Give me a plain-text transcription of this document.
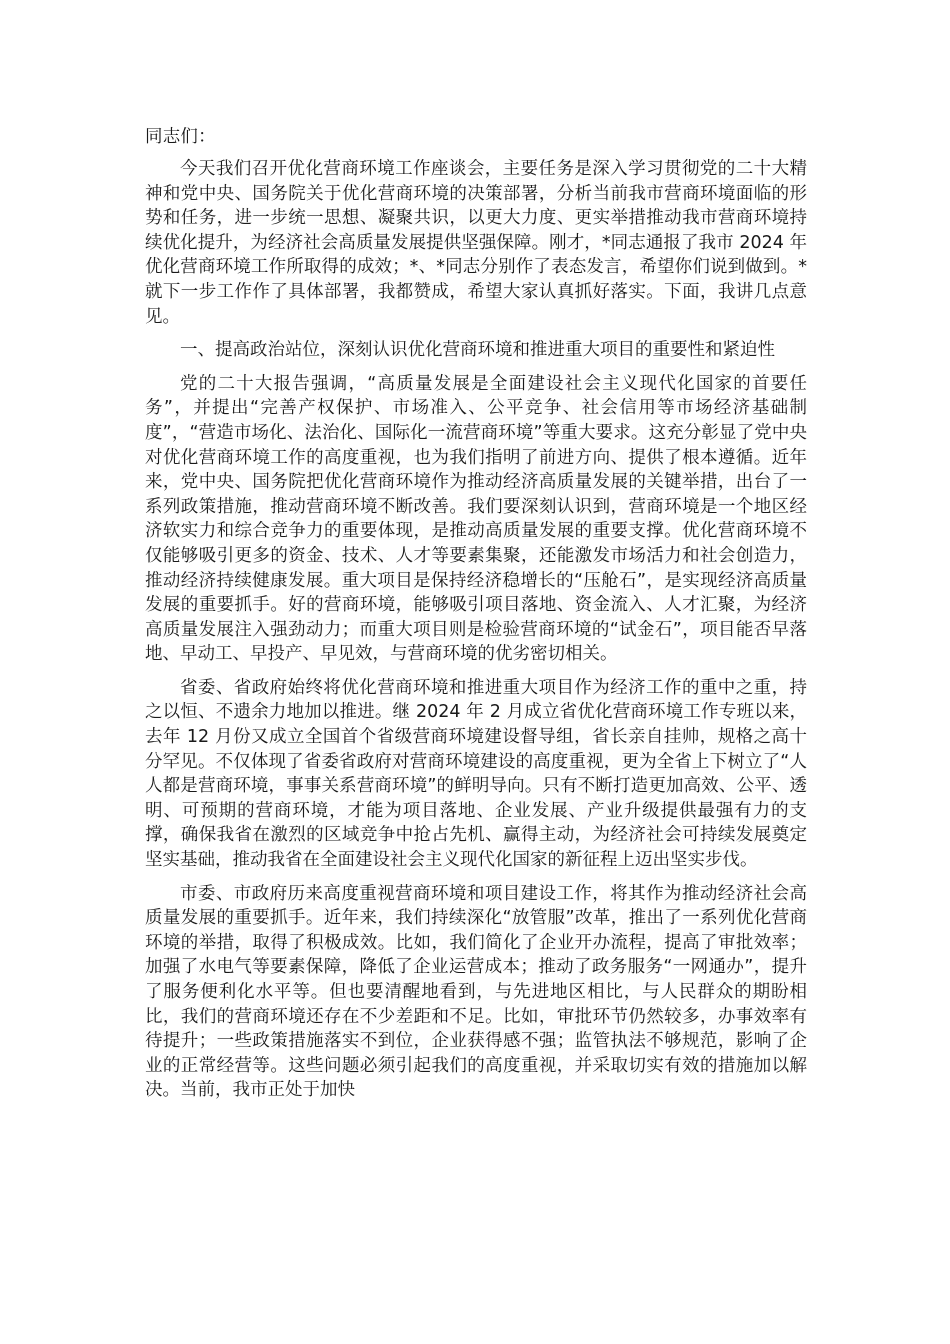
同志们：

今天我们召开优化营商环境工作座谈会，主要任务是深入学习贯彻党的二十大精神和党中央、国务院关于优化营商环境的决策部署，分析当前我市营商环境面临的形势和任务，进一步统一思想、凝聚共识，以更大力度、更实举措推动我市营商环境持续优化提升，为经济社会高质量发展提供坚强保障。刚才，*同志通报了我市 2024 年优化营商环境工作所取得的成效；*、*同志分别作了表态发言，希望你们说到做到。*就下一步工作作了具体部署，我都赞成，希望大家认真抓好落实。下面，我讲几点意见。

一、提高政治站位，深刻认识优化营商环境和推进重大项目的重要性和紧迫性

党的二十大报告强调，“高质量发展是全面建设社会主义现代化国家的首要任务”，并提出“完善产权保护、市场准入、公平竞争、社会信用等市场经济基础制度”，“营造市场化、法治化、国际化一流营商环境”等重大要求。这充分彰显了党中央对优化营商环境工作的高度重视，也为我们指明了前进方向、提供了根本遵循。近年来，党中央、国务院把优化营商环境作为推动经济高质量发展的关键举措，出台了一系列政策措施，推动营商环境不断改善。我们要深刻认识到，营商环境是一个地区经济软实力和综合竞争力的重要体现，是推动高质量发展的重要支撑。优化营商环境不仅能够吸引更多的资金、技术、人才等要素集聚，还能激发市场活力和社会创造力，推动经济持续健康发展。重大项目是保持经济稳增长的“压舱石”，是实现经济高质量发展的重要抓手。好的营商环境，能够吸引项目落地、资金流入、人才汇聚，为经济高质量发展注入强劲动力；而重大项目则是检验营商环境的“试金石”，项目能否早落地、早动工、早投产、早见效，与营商环境的优劣密切相关。

省委、省政府始终将优化营商环境和推进重大项目作为经济工作的重中之重，持之以恒、不遗余力地加以推进。继 2024 年 2 月成立省优化营商环境工作专班以来，去年 12 月份又成立全国首个省级营商环境建设督导组，省长亲自挂帅，规格之高十分罕见。不仅体现了省委省政府对营商环境建设的高度重视，更为全省上下树立了“人人都是营商环境，事事关系营商环境”的鲜明导向。只有不断打造更加高效、公平、透明、可预期的营商环境，才能为项目落地、企业发展、产业升级提供最强有力的支撑，确保我省在激烈的区域竞争中抢占先机、赢得主动，为经济社会可持续发展奠定坚实基础，推动我省在全面建设社会主义现代化国家的新征程上迈出坚实步伐。

市委、市政府历来高度重视营商环境和项目建设工作，将其作为推动经济社会高质量发展的重要抓手。近年来，我们持续深化“放管服”改革，推出了一系列优化营商环境的举措，取得了积极成效。比如，我们简化了企业开办流程，提高了审批效率；加强了水电气等要素保障，降低了企业运营成本；推动了政务服务“一网通办”，提升了服务便利化水平等。但也要清醒地看到，与先进地区相比，与人民群众的期盼相比，我们的营商环境还存在不少差距和不足。比如，审批环节仍然较多，办事效率有待提升；一些政策措施落实不到位，企业获得感不强；监管执法不够规范，影响了企业的正常经营等。这些问题必须引起我们的高度重视，并采取切实有效的措施加以解决。当前，我市正处于加快
